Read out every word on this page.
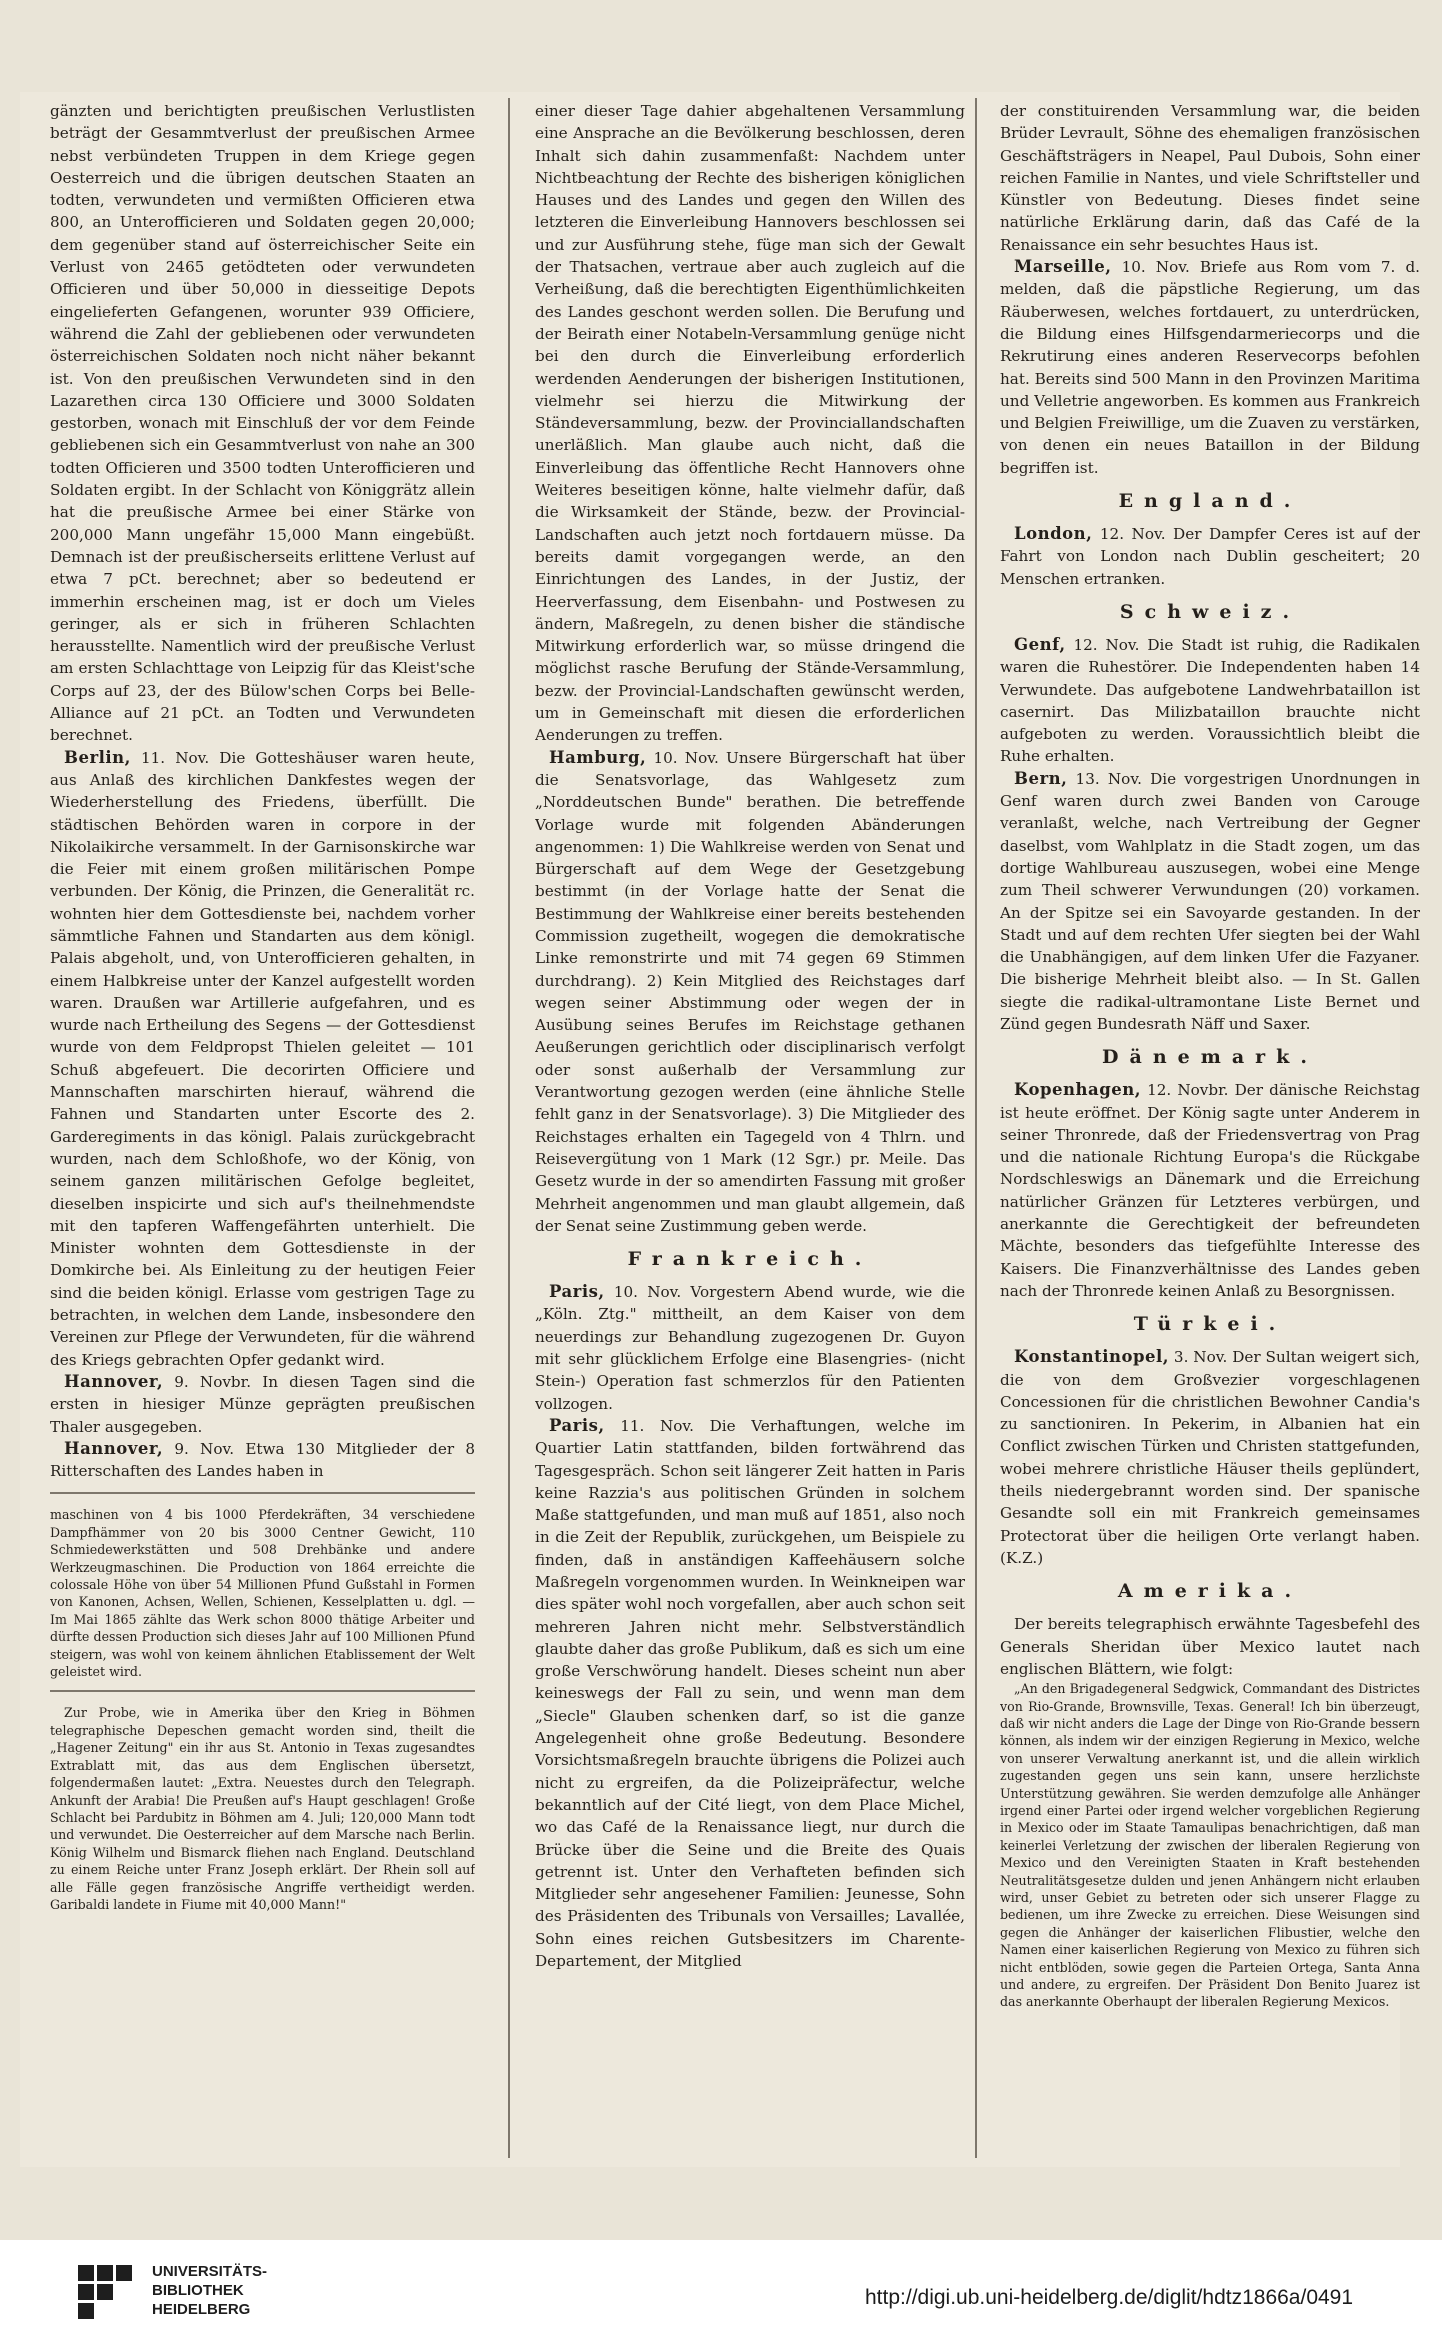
gänzten und berichtigten preußischen Verlustlisten beträgt der Gesammtverlust der preußischen Armee nebst verbündeten Truppen in dem Kriege gegen Oesterreich und die übrigen deutschen Staaten an todten, verwundeten und vermißten Officieren etwa 800, an Unterofficieren und Soldaten gegen 20,000; dem gegenüber stand auf österreichischer Seite ein Verlust von 2465 getödteten oder verwundeten Officieren und über 50,000 in diesseitige Depots eingelieferten Gefangenen, worunter 939 Officiere, während die Zahl der gebliebenen oder verwundeten österreichischen Soldaten noch nicht näher bekannt ist. Von den preußischen Verwundeten sind in den Lazarethen circa 130 Officiere und 3000 Soldaten gestorben, wonach mit Einschluß der vor dem Feinde gebliebenen sich ein Gesammtverlust von nahe an 300 todten Officieren und 3500 todten Unterofficieren und Soldaten ergibt. In der Schlacht von Königgrätz allein hat die preußische Armee bei einer Stärke von 200,000 Mann ungefähr 15,000 Mann eingebüßt. Demnach ist der preußischerseits erlittene Verlust auf etwa 7 pCt. berechnet; aber so bedeutend er immerhin erscheinen mag, ist er doch um Vieles geringer, als er sich in früheren Schlachten herausstellte. Namentlich wird der preußische Verlust am ersten Schlachttage von Leipzig für das Kleist'sche Corps auf 23, der des Bülow'schen Corps bei Belle-Alliance auf 21 pCt. an Todten und Verwundeten berechnet.

Berlin, 11. Nov. Die Gotteshäuser waren heute, aus Anlaß des kirchlichen Dankfestes wegen der Wiederherstellung des Friedens, überfüllt. Die städtischen Behörden waren in corpore in der Nikolaikirche versammelt. In der Garnisonskirche war die Feier mit einem großen militärischen Pompe verbunden. Der König, die Prinzen, die Generalität rc. wohnten hier dem Gottesdienste bei, nachdem vorher sämmtliche Fahnen und Standarten aus dem königl. Palais abgeholt, und, von Unterofficieren gehalten, in einem Halbkreise unter der Kanzel aufgestellt worden waren. Draußen war Artillerie aufgefahren, und es wurde nach Ertheilung des Segens — der Gottesdienst wurde von dem Feldpropst Thielen geleitet — 101 Schuß abgefeuert. Die decorirten Officiere und Mannschaften marschirten hierauf, während die Fahnen und Standarten unter Escorte des 2. Garderegiments in das königl. Palais zurückgebracht wurden, nach dem Schloßhofe, wo der König, von seinem ganzen militärischen Gefolge begleitet, dieselben inspicirte und sich auf's theilnehmendste mit den tapferen Waffengefährten unterhielt. Die Minister wohnten dem Gottesdienste in der Domkirche bei. Als Einleitung zu der heutigen Feier sind die beiden königl. Erlasse vom gestrigen Tage zu betrachten, in welchen dem Lande, insbesondere den Vereinen zur Pflege der Verwundeten, für die während des Kriegs gebrachten Opfer gedankt wird.

Hannover, 9. Novbr. In diesen Tagen sind die ersten in hiesiger Münze geprägten preußischen Thaler ausgegeben.

Hannover, 9. Nov. Etwa 130 Mitglieder der 8 Ritterschaften des Landes haben in

maschinen von 4 bis 1000 Pferdekräften, 34 verschiedene Dampfhämmer von 20 bis 3000 Centner Gewicht, 110 Schmiedewerkstätten und 508 Drehbänke und andere Werkzeugmaschinen. Die Production von 1864 erreichte die colossale Höhe von über 54 Millionen Pfund Gußstahl in Formen von Kanonen, Achsen, Wellen, Schienen, Kesselplatten u. dgl. — Im Mai 1865 zählte das Werk schon 8000 thätige Arbeiter und dürfte dessen Production sich dieses Jahr auf 100 Millionen Pfund steigern, was wohl von keinem ähnlichen Etablissement der Welt geleistet wird.

Zur Probe, wie in Amerika über den Krieg in Böhmen telegraphische Depeschen gemacht worden sind, theilt die „Hagener Zeitung" ein ihr aus St. Antonio in Texas zugesandtes Extrablatt mit, das aus dem Englischen übersetzt, folgendermaßen lautet: „Extra. Neuestes durch den Telegraph. Ankunft der Arabia! Die Preußen auf's Haupt geschlagen! Große Schlacht bei Pardubitz in Böhmen am 4. Juli; 120,000 Mann todt und verwundet. Die Oesterreicher auf dem Marsche nach Berlin. König Wilhelm und Bismarck fliehen nach England. Deutschland zu einem Reiche unter Franz Joseph erklärt. Der Rhein soll auf alle Fälle gegen französische Angriffe vertheidigt werden. Garibaldi landete in Fiume mit 40,000 Mann!"

einer dieser Tage dahier abgehaltenen Versammlung eine Ansprache an die Bevölkerung beschlossen, deren Inhalt sich dahin zusammenfaßt: Nachdem unter Nichtbeachtung der Rechte des bisherigen königlichen Hauses und des Landes und gegen den Willen des letzteren die Einverleibung Hannovers beschlossen sei und zur Ausführung stehe, füge man sich der Gewalt der Thatsachen, vertraue aber auch zugleich auf die Verheißung, daß die berechtigten Eigenthümlichkeiten des Landes geschont werden sollen. Die Berufung und der Beirath einer Notabeln-Versammlung genüge nicht bei den durch die Einverleibung erforderlich werdenden Aenderungen der bisherigen Institutionen, vielmehr sei hierzu die Mitwirkung der Ständeversammlung, bezw. der Provinciallandschaften unerläßlich. Man glaube auch nicht, daß die Einverleibung das öffentliche Recht Hannovers ohne Weiteres beseitigen könne, halte vielmehr dafür, daß die Wirksamkeit der Stände, bezw. der Provincial-Landschaften auch jetzt noch fortdauern müsse. Da bereits damit vorgegangen werde, an den Einrichtungen des Landes, in der Justiz, der Heerverfassung, dem Eisenbahn- und Postwesen zu ändern, Maßregeln, zu denen bisher die ständische Mitwirkung erforderlich war, so müsse dringend die möglichst rasche Berufung der Stände-Versammlung, bezw. der Provincial-Landschaften gewünscht werden, um in Gemeinschaft mit diesen die erforderlichen Aenderungen zu treffen.

Hamburg, 10. Nov. Unsere Bürgerschaft hat über die Senatsvorlage, das Wahlgesetz zum „Norddeutschen Bunde" berathen. Die betreffende Vorlage wurde mit folgenden Abänderungen angenommen: 1) Die Wahlkreise werden von Senat und Bürgerschaft auf dem Wege der Gesetzgebung bestimmt (in der Vorlage hatte der Senat die Bestimmung der Wahlkreise einer bereits bestehenden Commission zugetheilt, wogegen die demokratische Linke remonstrirte und mit 74 gegen 69 Stimmen durchdrang). 2) Kein Mitglied des Reichstages darf wegen seiner Abstimmung oder wegen der in Ausübung seines Berufes im Reichstage gethanen Aeußerungen gerichtlich oder disciplinarisch verfolgt oder sonst außerhalb der Versammlung zur Verantwortung gezogen werden (eine ähnliche Stelle fehlt ganz in der Senatsvorlage). 3) Die Mitglieder des Reichstages erhalten ein Tagegeld von 4 Thlrn. und Reisevergütung von 1 Mark (12 Sgr.) pr. Meile. Das Gesetz wurde in der so amendirten Fassung mit großer Mehrheit angenommen und man glaubt allgemein, daß der Senat seine Zustimmung geben werde.

Frankreich.

Paris, 10. Nov. Vorgestern Abend wurde, wie die „Köln. Ztg." mittheilt, an dem Kaiser von dem neuerdings zur Behandlung zugezogenen Dr. Guyon mit sehr glücklichem Erfolge eine Blasengries- (nicht Stein-) Operation fast schmerzlos für den Patienten vollzogen.

Paris, 11. Nov. Die Verhaftungen, welche im Quartier Latin stattfanden, bilden fortwährend das Tagesgespräch. Schon seit längerer Zeit hatten in Paris keine Razzia's aus politischen Gründen in solchem Maße stattgefunden, und man muß auf 1851, also noch in die Zeit der Republik, zurückgehen, um Beispiele zu finden, daß in anständigen Kaffeehäusern solche Maßregeln vorgenommen wurden. In Weinkneipen war dies später wohl noch vorgefallen, aber auch schon seit mehreren Jahren nicht mehr. Selbstverständlich glaubte daher das große Publikum, daß es sich um eine große Verschwörung handelt. Dieses scheint nun aber keineswegs der Fall zu sein, und wenn man dem „Siecle" Glauben schenken darf, so ist die ganze Angelegenheit ohne große Bedeutung. Besondere Vorsichtsmaßregeln brauchte übrigens die Polizei auch nicht zu ergreifen, da die Polizeipräfectur, welche bekanntlich auf der Cité liegt, von dem Place Michel, wo das Café de la Renaissance liegt, nur durch die Brücke über die Seine und die Breite des Quais getrennt ist. Unter den Verhafteten befinden sich Mitglieder sehr angesehener Familien: Jeunesse, Sohn des Präsidenten des Tribunals von Versailles; Lavallée, Sohn eines reichen Gutsbesitzers im Charente-Departement, der Mitglied

der constituirenden Versammlung war, die beiden Brüder Levrault, Söhne des ehemaligen französischen Geschäftsträgers in Neapel, Paul Dubois, Sohn einer reichen Familie in Nantes, und viele Schriftsteller und Künstler von Bedeutung. Dieses findet seine natürliche Erklärung darin, daß das Café de la Renaissance ein sehr besuchtes Haus ist.

Marseille, 10. Nov. Briefe aus Rom vom 7. d. melden, daß die päpstliche Regierung, um das Räuberwesen, welches fortdauert, zu unterdrücken, die Bildung eines Hilfsgendarmeriecorps und die Rekrutirung eines anderen Reservecorps befohlen hat. Bereits sind 500 Mann in den Provinzen Maritima und Velletrie angeworben. Es kommen aus Frankreich und Belgien Freiwillige, um die Zuaven zu verstärken, von denen ein neues Bataillon in der Bildung begriffen ist.

England.

London, 12. Nov. Der Dampfer Ceres ist auf der Fahrt von London nach Dublin gescheitert; 20 Menschen ertranken.

Schweiz.

Genf, 12. Nov. Die Stadt ist ruhig, die Radikalen waren die Ruhestörer. Die Independenten haben 14 Verwundete. Das aufgebotene Landwehrbataillon ist casernirt. Das Milizbataillon brauchte nicht aufgeboten zu werden. Voraussichtlich bleibt die Ruhe erhalten.

Bern, 13. Nov. Die vorgestrigen Unordnungen in Genf waren durch zwei Banden von Carouge veranlaßt, welche, nach Vertreibung der Gegner daselbst, vom Wahlplatz in die Stadt zogen, um das dortige Wahlbureau auszusegen, wobei eine Menge zum Theil schwerer Verwundungen (20) vorkamen. An der Spitze sei ein Savoyarde gestanden. In der Stadt und auf dem rechten Ufer siegten bei der Wahl die Unabhängigen, auf dem linken Ufer die Fazyaner. Die bisherige Mehrheit bleibt also. — In St. Gallen siegte die radikal-ultramontane Liste Bernet und Zünd gegen Bundesrath Näff und Saxer.

Dänemark.

Kopenhagen, 12. Novbr. Der dänische Reichstag ist heute eröffnet. Der König sagte unter Anderem in seiner Thronrede, daß der Friedensvertrag von Prag und die nationale Richtung Europa's die Rückgabe Nordschleswigs an Dänemark und die Erreichung natürlicher Gränzen für Letzteres verbürgen, und anerkannte die Gerechtigkeit der befreundeten Mächte, besonders das tiefgefühlte Interesse des Kaisers. Die Finanzverhältnisse des Landes geben nach der Thronrede keinen Anlaß zu Besorgnissen.

Türkei.

Konstantinopel, 3. Nov. Der Sultan weigert sich, die von dem Großvezier vorgeschlagenen Concessionen für die christlichen Bewohner Candia's zu sanctioniren. In Pekerim, in Albanien hat ein Conflict zwischen Türken und Christen stattgefunden, wobei mehrere christliche Häuser theils geplündert, theils niedergebrannt worden sind. Der spanische Gesandte soll ein mit Frankreich gemeinsames Protectorat über die heiligen Orte verlangt haben. (K.Z.)

Amerika.

Der bereits telegraphisch erwähnte Tagesbefehl des Generals Sheridan über Mexico lautet nach englischen Blättern, wie folgt:

„An den Brigadegeneral Sedgwick, Commandant des Districtes von Rio-Grande, Brownsville, Texas. General! Ich bin überzeugt, daß wir nicht anders die Lage der Dinge von Rio-Grande bessern können, als indem wir der einzigen Regierung in Mexico, welche von unserer Verwaltung anerkannt ist, und die allein wirklich zugestanden gegen uns sein kann, unsere herzlichste Unterstützung gewähren. Sie werden demzufolge alle Anhänger irgend einer Partei oder irgend welcher vorgeblichen Regierung in Mexico oder im Staate Tamaulipas benachrichtigen, daß man keinerlei Verletzung der zwischen der liberalen Regierung von Mexico und den Vereinigten Staaten in Kraft bestehenden Neutralitätsgesetze dulden und jenen Anhängern nicht erlauben wird, unser Gebiet zu betreten oder sich unserer Flagge zu bedienen, um ihre Zwecke zu erreichen. Diese Weisungen sind gegen die Anhänger der kaiserlichen Flibustier, welche den Namen einer kaiserlichen Regierung von Mexico zu führen sich nicht entblöden, sowie gegen die Parteien Ortega, Santa Anna und andere, zu ergreifen. Der Präsident Don Benito Juarez ist das anerkannte Oberhaupt der liberalen Regierung Mexicos.

UNIVERSITÄTS-
BIBLIOTHEK
HEIDELBERG
http://digi.ub.uni-heidelberg.de/diglit/hdtz1866a/0491
